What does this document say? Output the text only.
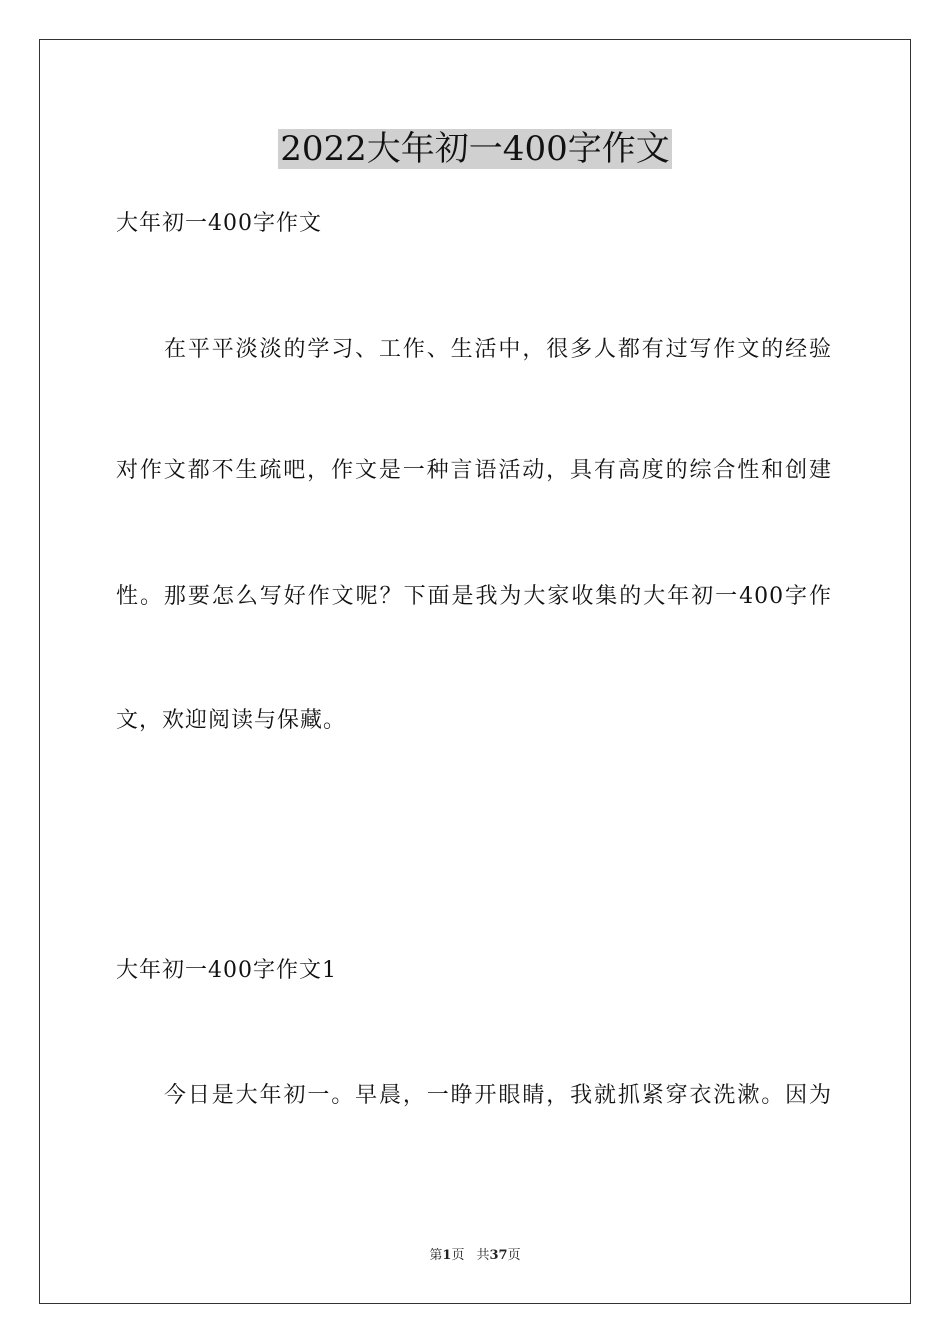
2022大年初一400字作文

大年初一400字作文

在平平淡淡的学习、工作、生活中，很多人都有过写作文的经验

对作文都不生疏吧，作文是一种言语活动，具有高度的综合性和创建

性。那要怎么写好作文呢？下面是我为大家收集的大年初一400字作

文，欢迎阅读与保藏。

大年初一400字作文1

今日是大年初一。早晨，一睁开眼睛，我就抓紧穿衣洗漱。因为

第1页 共37页
